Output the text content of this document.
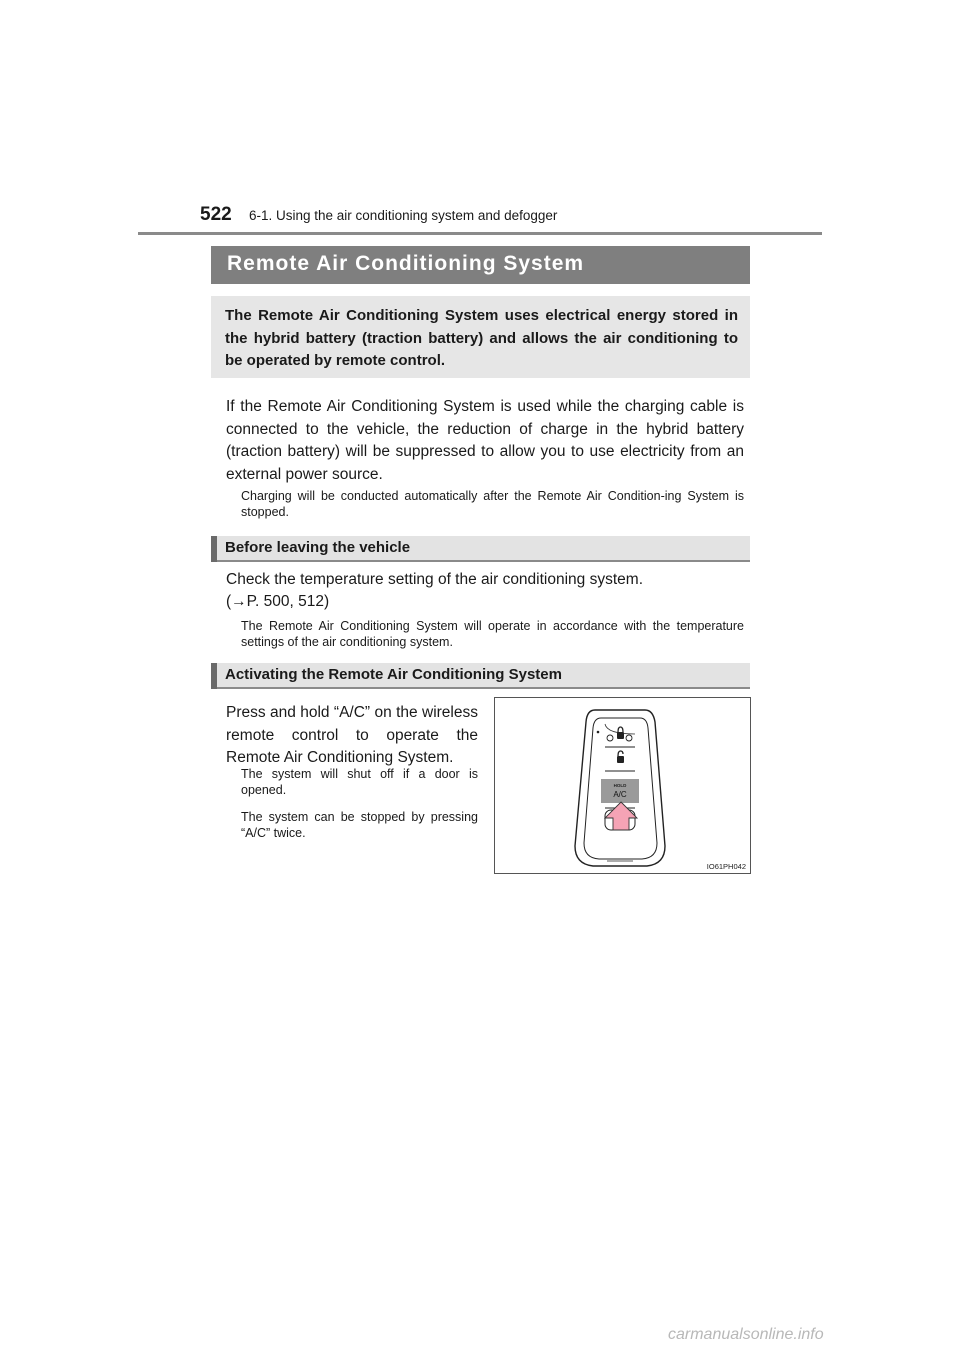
522 6-1. Using the air conditioning system and defogger
Remote Air Conditioning System
The Remote Air Conditioning System uses electrical energy stored in the hybrid battery (traction battery) and allows the air conditioning to be operated by remote control.
If the Remote Air Conditioning System is used while the charging cable is connected to the vehicle, the reduction of charge in the hybrid battery (traction battery) will be suppressed to allow you to use electricity from an external power source.
Charging will be conducted automatically after the Remote Air Condition-ing System is stopped.
Before leaving the vehicle
Check the temperature setting of the air conditioning system.
(→P. 500, 512)
The Remote Air Conditioning System will operate in accordance with the temperature settings of the air conditioning system.
Activating the Remote Air Conditioning System
Press and hold “A/C” on the wireless remote control to operate the Remote Air Conditioning System.
The system will shut off if a door is opened.
The system can be stopped by pressing “A/C” twice.
HOLD
A/C
IO61PH042
carmanualsonline.info
